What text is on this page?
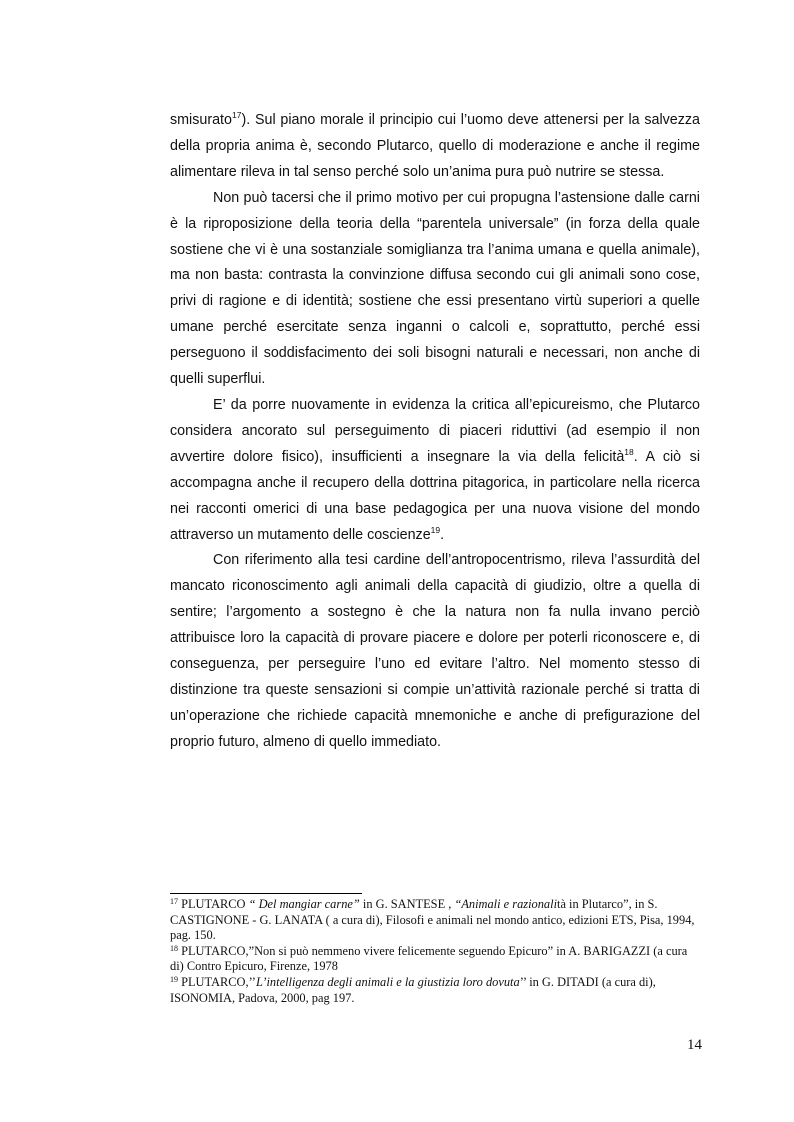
smisurato$^{17}$). Sul piano morale il principio cui l’uomo deve attenersi per la salvezza della propria anima è, secondo Plutarco, quello di moderazione e anche il regime alimentare rileva in tal senso perché solo un’anima pura può nutrire se stessa.

Non può tacersi che il primo motivo per cui propugna l’astensione dalle carni è la riproposizione della teoria della “parentela universale” (in forza della quale sostiene che vi è una sostanziale somiglianza tra l’anima umana e quella animale), ma non basta: contrasta la convinzione diffusa secondo cui gli animali sono cose, privi di ragione e di identità; sostiene che essi presentano virtù superiori a quelle umane perché esercitate senza inganni o calcoli e, soprattutto, perché essi perseguono il soddisfacimento dei soli bisogni naturali e necessari, non anche di quelli superflui.

E’ da porre nuovamente in evidenza la critica all’epicureismo, che Plutarco considera ancorato sul perseguimento di piaceri riduttivi (ad esempio il non avvertire dolore fisico), insufficienti a insegnare la via della felicità$^{18}$. A ciò si accompagna anche il recupero della dottrina pitagorica, in particolare nella ricerca nei racconti omerici di una base pedagogica per una nuova visione del mondo attraverso un mutamento delle coscienze$^{19}$.

Con riferimento alla tesi cardine dell’antropocentrismo, rileva l’assurdità del mancato riconoscimento agli animali della capacità di giudizio, oltre a quella di sentire; l’argomento a sostegno è che la natura non fa nulla invano perciò attribuisce loro la capacità di provare piacere e dolore per poterli riconoscere e, di conseguenza, per perseguire l’uno ed evitare l’altro. Nel momento stesso di distinzione tra queste sensazioni si compie un’attività razionale perché si tratta di un’operazione che richiede capacità mnemoniche e anche di prefigurazione del proprio futuro, almeno di quello immediato.

$^{17}$ PLUTARCO “ Del mangiar carne” in G. SANTESE , “Animali e razionalità in Plutarco”, in S. CASTIGNONE - G. LANATA ( a cura di), Filosofi e animali nel mondo antico, edizioni ETS, Pisa, 1994, pag. 150.

$^{18}$ PLUTARCO,”Non si può nemmeno vivere felicemente seguendo Epicuro” in A. BARIGAZZI (a cura di) Contro Epicuro, Firenze, 1978

$^{19}$ PLUTARCO,’’L’intelligenza degli animali e la giustizia loro dovuta’’ in G. DITADI (a cura di), ISONOMIA, Padova, 2000, pag 197.

14
